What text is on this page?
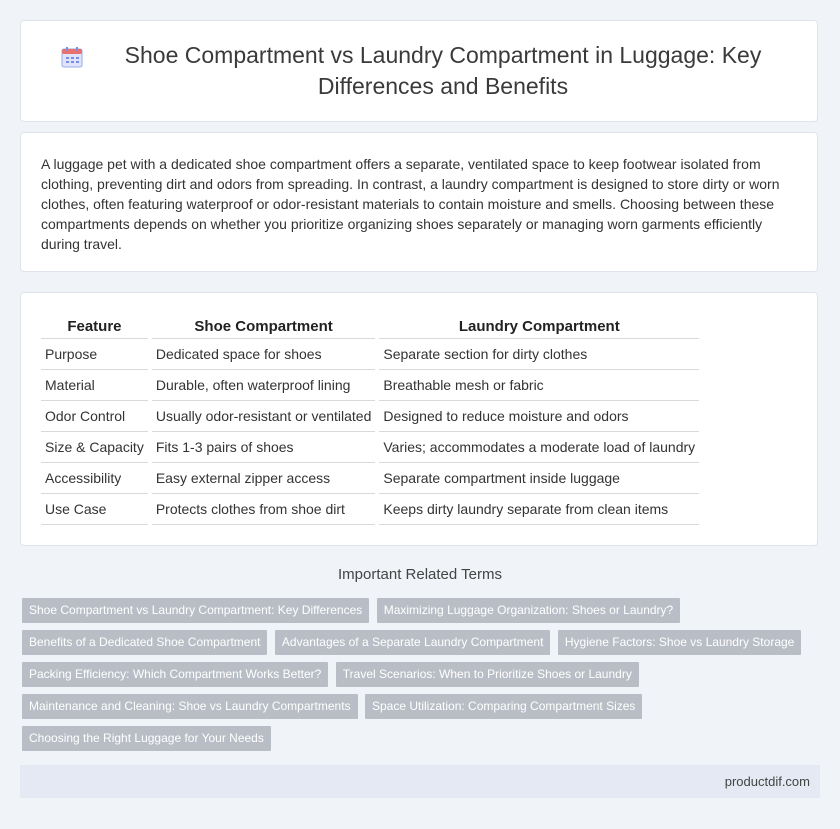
Shoe Compartment vs Laundry Compartment in Luggage: Key Differences and Benefits

A luggage pet with a dedicated shoe compartment offers a separate, ventilated space to keep footwear isolated from clothing, preventing dirt and odors from spreading. In contrast, a laundry compartment is designed to store dirty or worn clothes, often featuring waterproof or odor-resistant materials to contain moisture and smells. Choosing between these compartments depends on whether you prioritize organizing shoes separately or managing worn garments efficiently during travel.

Feature	Shoe Compartment	Laundry Compartment
Purpose	Dedicated space for shoes	Separate section for dirty clothes
Material	Durable, often waterproof lining	Breathable mesh or fabric
Odor Control	Usually odor-resistant or ventilated	Designed to reduce moisture and odors
Size & Capacity	Fits 1-3 pairs of shoes	Varies; accommodates a moderate load of laundry
Accessibility	Easy external zipper access	Separate compartment inside luggage
Use Case	Protects clothes from shoe dirt	Keeps dirty laundry separate from clean items
Important Related Terms
Shoe Compartment vs Laundry Compartment: Key Differences Maximizing Luggage Organization: Shoes or Laundry? Benefits of a Dedicated Shoe Compartment Advantages of a Separate Laundry Compartment Hygiene Factors: Shoe vs Laundry Storage Packing Efficiency: Which Compartment Works Better? Travel Scenarios: When to Prioritize Shoes or Laundry Maintenance and Cleaning: Shoe vs Laundry Compartments Space Utilization: Comparing Compartment Sizes Choosing the Right Luggage for Your Needs
productdif.com
